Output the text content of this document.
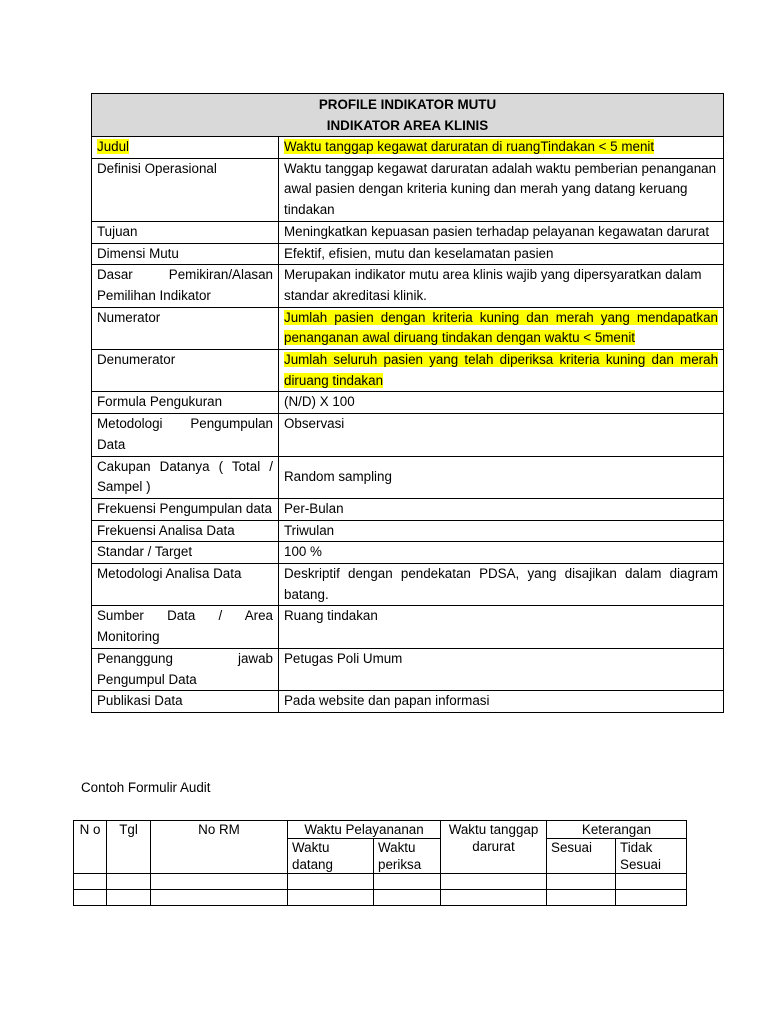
PROFILE INDIKATOR MUTU
INDIKATOR AREA KLINIS	

Judul	Waktu tanggap kegawat daruratan di ruangTindakan < 5 menit
Definisi Operasional	Waktu tanggap kegawat daruratan adalah waktu pemberian penanganan awal pasien dengan kriteria kuning dan merah yang datang keruang tindakan
Tujuan	Meningkatkan kepuasan pasien terhadap pelayanan kegawatan darurat
Dimensi Mutu	Efektif, efisien, mutu dan keselamatan pasien
Dasar Pemikiran/Alasan Pemilihan Indikator	Merupakan indikator mutu area klinis wajib yang dipersyaratkan dalam standar akreditasi klinik.
Numerator	Jumlah pasien dengan kriteria kuning dan merah yang mendapatkan penanganan awal diruang tindakan dengan waktu < 5menit
Denumerator	Jumlah seluruh pasien yang telah diperiksa kriteria kuning dan merah diruang tindakan
Formula Pengukuran	(N/D) X 100
Metodologi Pengumpulan Data	Observasi
Cakupan Datanya ( Total / Sampel )	Random sampling
Frekuensi Pengumpulan data	Per-Bulan
Frekuensi Analisa Data	Triwulan
Standar / Target	100 %
Metodologi Analisa Data	Deskriptif dengan pendekatan PDSA, yang disajikan dalam diagram batang.
Sumber Data / Area Monitoring	Ruang tindakan
Penanggung jawab Pengumpul Data	Petugas Poli Umum
Publikasi Data	Pada website dan papan informasi
Contoh Formulir Audit
N o	Tgl	No RM	Waktu Pelayananan		Waktu tanggap darurat	Keterangan	
			Waktu datang	Waktu periksa		Sesuai	Tidak Sesuai
